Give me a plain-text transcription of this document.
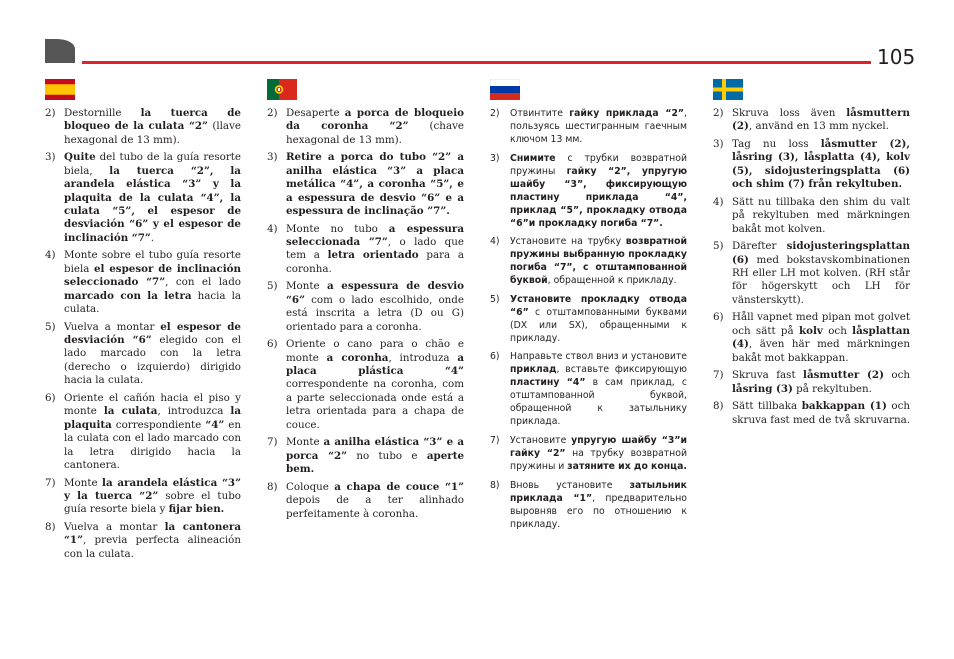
105
2) Destornille la tuerca de bloqueo de la culata “2” (llave hexagonal de 13 mm).
3) Quite del tubo de la guía resorte biela, la tuerca “2”, la arandela elástica “3” y la plaquita de la culata “4”, la culata “5”, el espesor de desviación “6” y el espesor de inclinación “7”.
4) Monte sobre el tubo guía resorte biela el espesor de inclinación seleccionado “7”, con el lado marcado con la letra hacia la culata.
5) Vuelva a montar el espesor de desviación “6” elegido con el lado marcado con la letra (derecho o izquierdo) dirigido hacia la culata.
6) Oriente el cañón hacia el piso y monte la culata, introduzca la plaquita correspondiente “4” en la culata con el lado marcado con la letra dirigido hacia la cantonera.
7) Monte la arandela elástica “3” y la tuerca “2” sobre el tubo guía resorte biela y fijar bien.
8) Vuelva a montar la cantonera “1”, previa perfecta alineación con la culata.
2) Desaperte a porca de bloqueio da coronha “2” (chave hexagonal de 13 mm).
3) Retire a porca do tubo “2” a anilha elástica “3” a placa metálica “4”, a coronha “5”, e a espessura de desvio “6” e a espessura de inclinação ”7”.
4) Monte no tubo a espessura seleccionada ”7”, o lado que tem a letra orientado para a coronha.
5) Monte a espessura de desvio “6” com o lado escolhido, onde está inscrita a letra (D ou G) orientado para a coronha.
6) Oriente o cano para o chão e monte a coronha, introduza a placa plástica “4” correspondente na coronha, com a parte seleccionada onde está a letra orientada para a chapa de couce.
7) Monte a anilha elástica “3” e a porca “2” no tubo e aperte bem.
8) Coloque a chapa de couce “1” depois de a ter alinhado perfeitamente à coronha.
2) Отвинтите гайку приклада “2”, пользуясь шестигранным гаечным ключом 13 мм.
3) Снимите с трубки возвратной пружины гайку “2”, упругую шайбу “3”, фиксирующую пластину приклада “4”, приклад “5”, прокладку отвода “6”и прокладку погиба “7”.
4) Установите на трубку возвратной пружины выбранную прокладку погиба “7”, с отштампованной буквой, обращенной к прикладу.
5) Установите прокладку отвода “6” с отштампованными буквами (DX или SX), обращенными к прикладу.
6) Направьте ствол вниз и установите приклад, вставьте фиксирующую пластину “4” в сам приклад, с отштампованной буквой, обращенной к затыльнику приклада.
7) Установите упругую шайбу “3”и гайку “2” на трубку возвратной пружины и затяните их до конца.
8) Вновь установите затыльник приклада “1”, предварительно выровняв его по отношению к прикладу.
2) Skruva loss även låsmuttern (2), använd en 13 mm nyckel.
3) Tag nu loss låsmutter (2), låsring (3), låsplatta (4), kolv (5), sidojusteringsplatta (6) och shim (7) från rekyltuben.
4) Sätt nu tillbaka den shim du valt på rekyltuben med märkningen bakåt mot kolven.
5) Därefter sidojusteringsplattan (6) med bokstavskombinationen RH eller LH mot kolven. (RH står för högerskytt och LH för vänsterskytt).
6) Håll vapnet med pipan mot golvet och sätt på kolv och låsplattan (4), även här med märkningen bakåt mot bakkappan.
7) Skruva fast låsmutter (2) och låsring (3) på rekyltuben.
8) Sätt tillbaka bakkappan (1) och skruva fast med de två skruvarna.
